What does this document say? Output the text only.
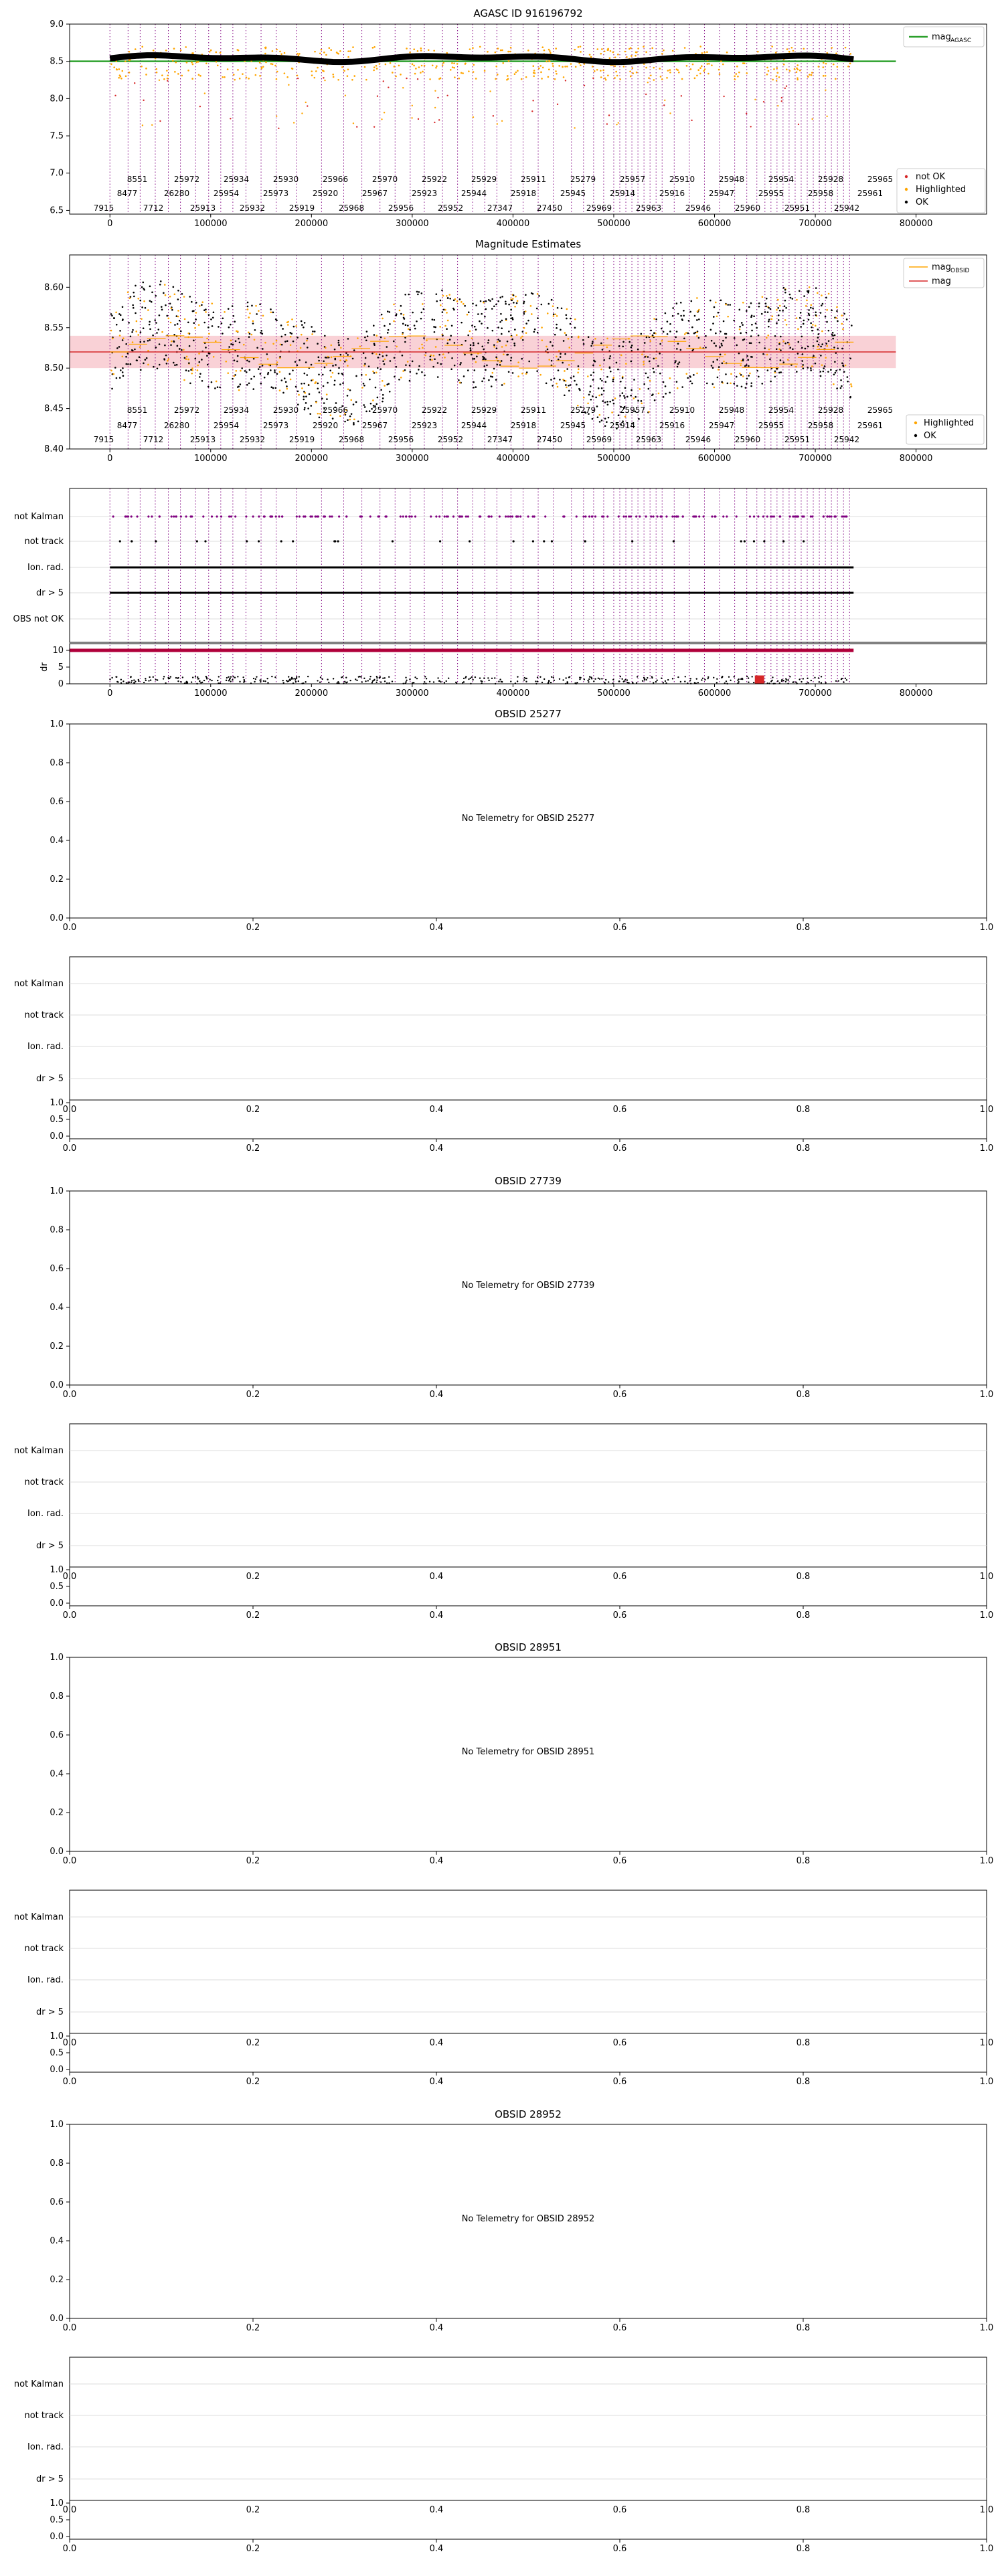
AGASC ID 916196792
6.5
7.0
7.5
8.0
8.5
9.0
0	100000	200000	300000	400000	500000	600000	700000	800000
8551	25972	25934	25930	25966	25970	25922	25929	25911	25279	25957	25910	25948	25954	25928	25965
8477	26280	25954	25973	25920	25967	25923	25944	25918	25945	25914	25916	25947	25955	25958	25961
7915	7712	25913	25932	25919	25968	25956	25952	27347	27450	25969	25963	25946	25960	25951	25942
mag AGASC
not OK
Highlighted
OK
Magnitude Estimates
8.40
8.45
8.50
8.55
8.60
0	100000	200000	300000	400000	500000	600000	700000	800000
8551	25972	25934	25930	25966	25970	25922	25929	25911	25279	25957	25910	25948	25954	25928	25965
8477	26280	25954	25973	25920	25967	25923	25944	25918	25945	25914	25916	25947	25955	25958	25961
7915	7712	25913	25932	25919	25968	25956	25952	27347	27450	25969	25963	25946	25960	25951	25942
mag OBSID
mag
Highlighted
OK
not Kalman
not track
Ion. rad.
dr > 5
OBS not OK
0
5
10
dr
0	100000	200000	300000	400000	500000	600000	700000	800000
OBSID 25277
No Telemetry for OBSID 25277
0.0
0.0
0.2
0.2
0.4
0.4
0.6
0.6
0.8
0.8
1.0
1.0
not Kalman
not track
Ion. rad.
dr > 5
0.0	0.2	0.4	0.6	0.8	1.0
0.0
0.5
1.0
0.0	0.2	0.4	0.6	0.8	1.0
OBSID 27739
No Telemetry for OBSID 27739
0.0
0.0
0.2
0.2
0.4
0.4
0.6
0.6
0.8
0.8
1.0
1.0
not Kalman
not track
Ion. rad.
dr > 5
0.0	0.2	0.4	0.6	0.8	1.0
0.0
0.5
1.0
0.0	0.2	0.4	0.6	0.8	1.0
OBSID 28951
No Telemetry for OBSID 28951
0.0
0.0
0.2
0.2
0.4
0.4
0.6
0.6
0.8
0.8
1.0
1.0
not Kalman
not track
Ion. rad.
dr > 5
0.0	0.2	0.4	0.6	0.8	1.0
0.0
0.5
1.0
0.0	0.2	0.4	0.6	0.8	1.0
OBSID 28952
No Telemetry for OBSID 28952
0.0
0.0
0.2
0.2
0.4
0.4
0.6
0.6
0.8
0.8
1.0
1.0
not Kalman
not track
Ion. rad.
dr > 5
0.0	0.2	0.4	0.6	0.8	1.0
0.0
0.5
1.0
0.0	0.2	0.4	0.6	0.8	1.0
